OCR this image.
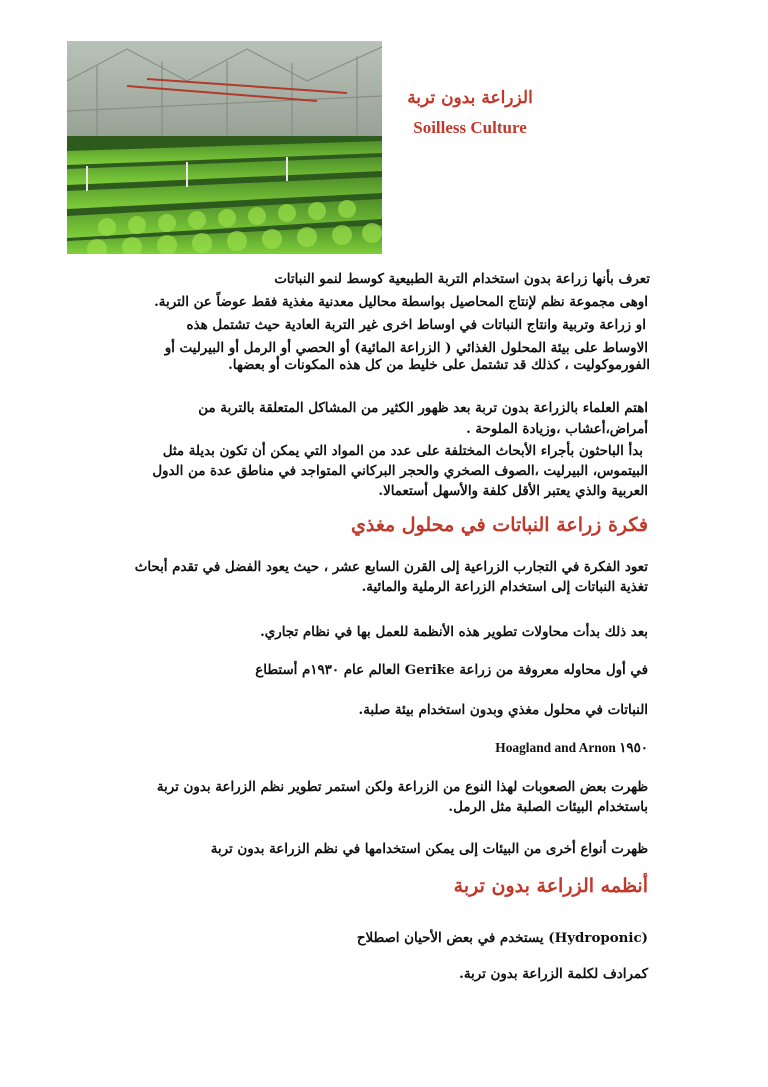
الزراعة بدون تربة
Soilless Culture
تعرف بأنها زراعة بدون استخدام التربة الطبيعية كوسط لنمو النباتات
اوهى مجموعة نظم لإنتاج المحاصيل بواسطة محاليل معدنية مغذية فقط عوضاً عن التربة.
او زراعة وتربية وانتاج النباتات في اوساط اخرى غير التربة العادية حيث تشتمل هذه
الاوساط على بيئة المحلول الغذائي ( الزراعة المائية) أو الحصي أو الرمل أو البيرليت أو
الفورموكوليت ، كذلك قد تشتمل على خليط من كل هذه المكونات أو بعضها.
اهتم العلماء بالزراعة بدون تربة بعد ظهور الكثير من المشاكل المتعلقة بالتربة من
أمراض،أعشاب ،وزيادة الملوحة .
بدأ الباحثون بأجراء الأبحاث المختلفة على عدد من المواد التي يمكن أن تكون بديلة مثل
البيتموس، البيرليت ،الصوف الصخري والحجر البركاني المتواجد في مناطق عدة من الدول
العربية والذي يعتبر الأقل كلفة والأسهل أستعمالا.
فكرة زراعة النباتات في محلول مغذي
تعود الفكرة في التجارب الزراعية إلى القرن السابع عشر ، حيث يعود الفضل في تقدم أبحاث
تغذية النباتات إلى استخدام الزراعة الرملية والمائية.
بعد ذلك بدأت محاولات تطوير هذه الأنظمة للعمل بها في نظام تجاري.
في أول محاوله معروفة من زراعة Gerike العالم عام ١٩٣٠م أستطاع
النباتات في محلول مغذي وبدون استخدام بيئة صلبة.
١٩٥٠ Hoagland and Arnon
ظهرت بعض الصعوبات لهذا النوع من الزراعة ولكن استمر تطوير نظم الزراعة بدون تربة
باستخدام البيئات الصلبة مثل الرمل.
ظهرت أنواع أخرى من البيئات إلى يمكن استخدامها في نظم الزراعة بدون تربة
أنظمه الزراعة بدون تربة
(Hydroponic) يستخدم في بعض الأحيان اصطلاح
كمرادف لكلمة الزراعة بدون تربة.
